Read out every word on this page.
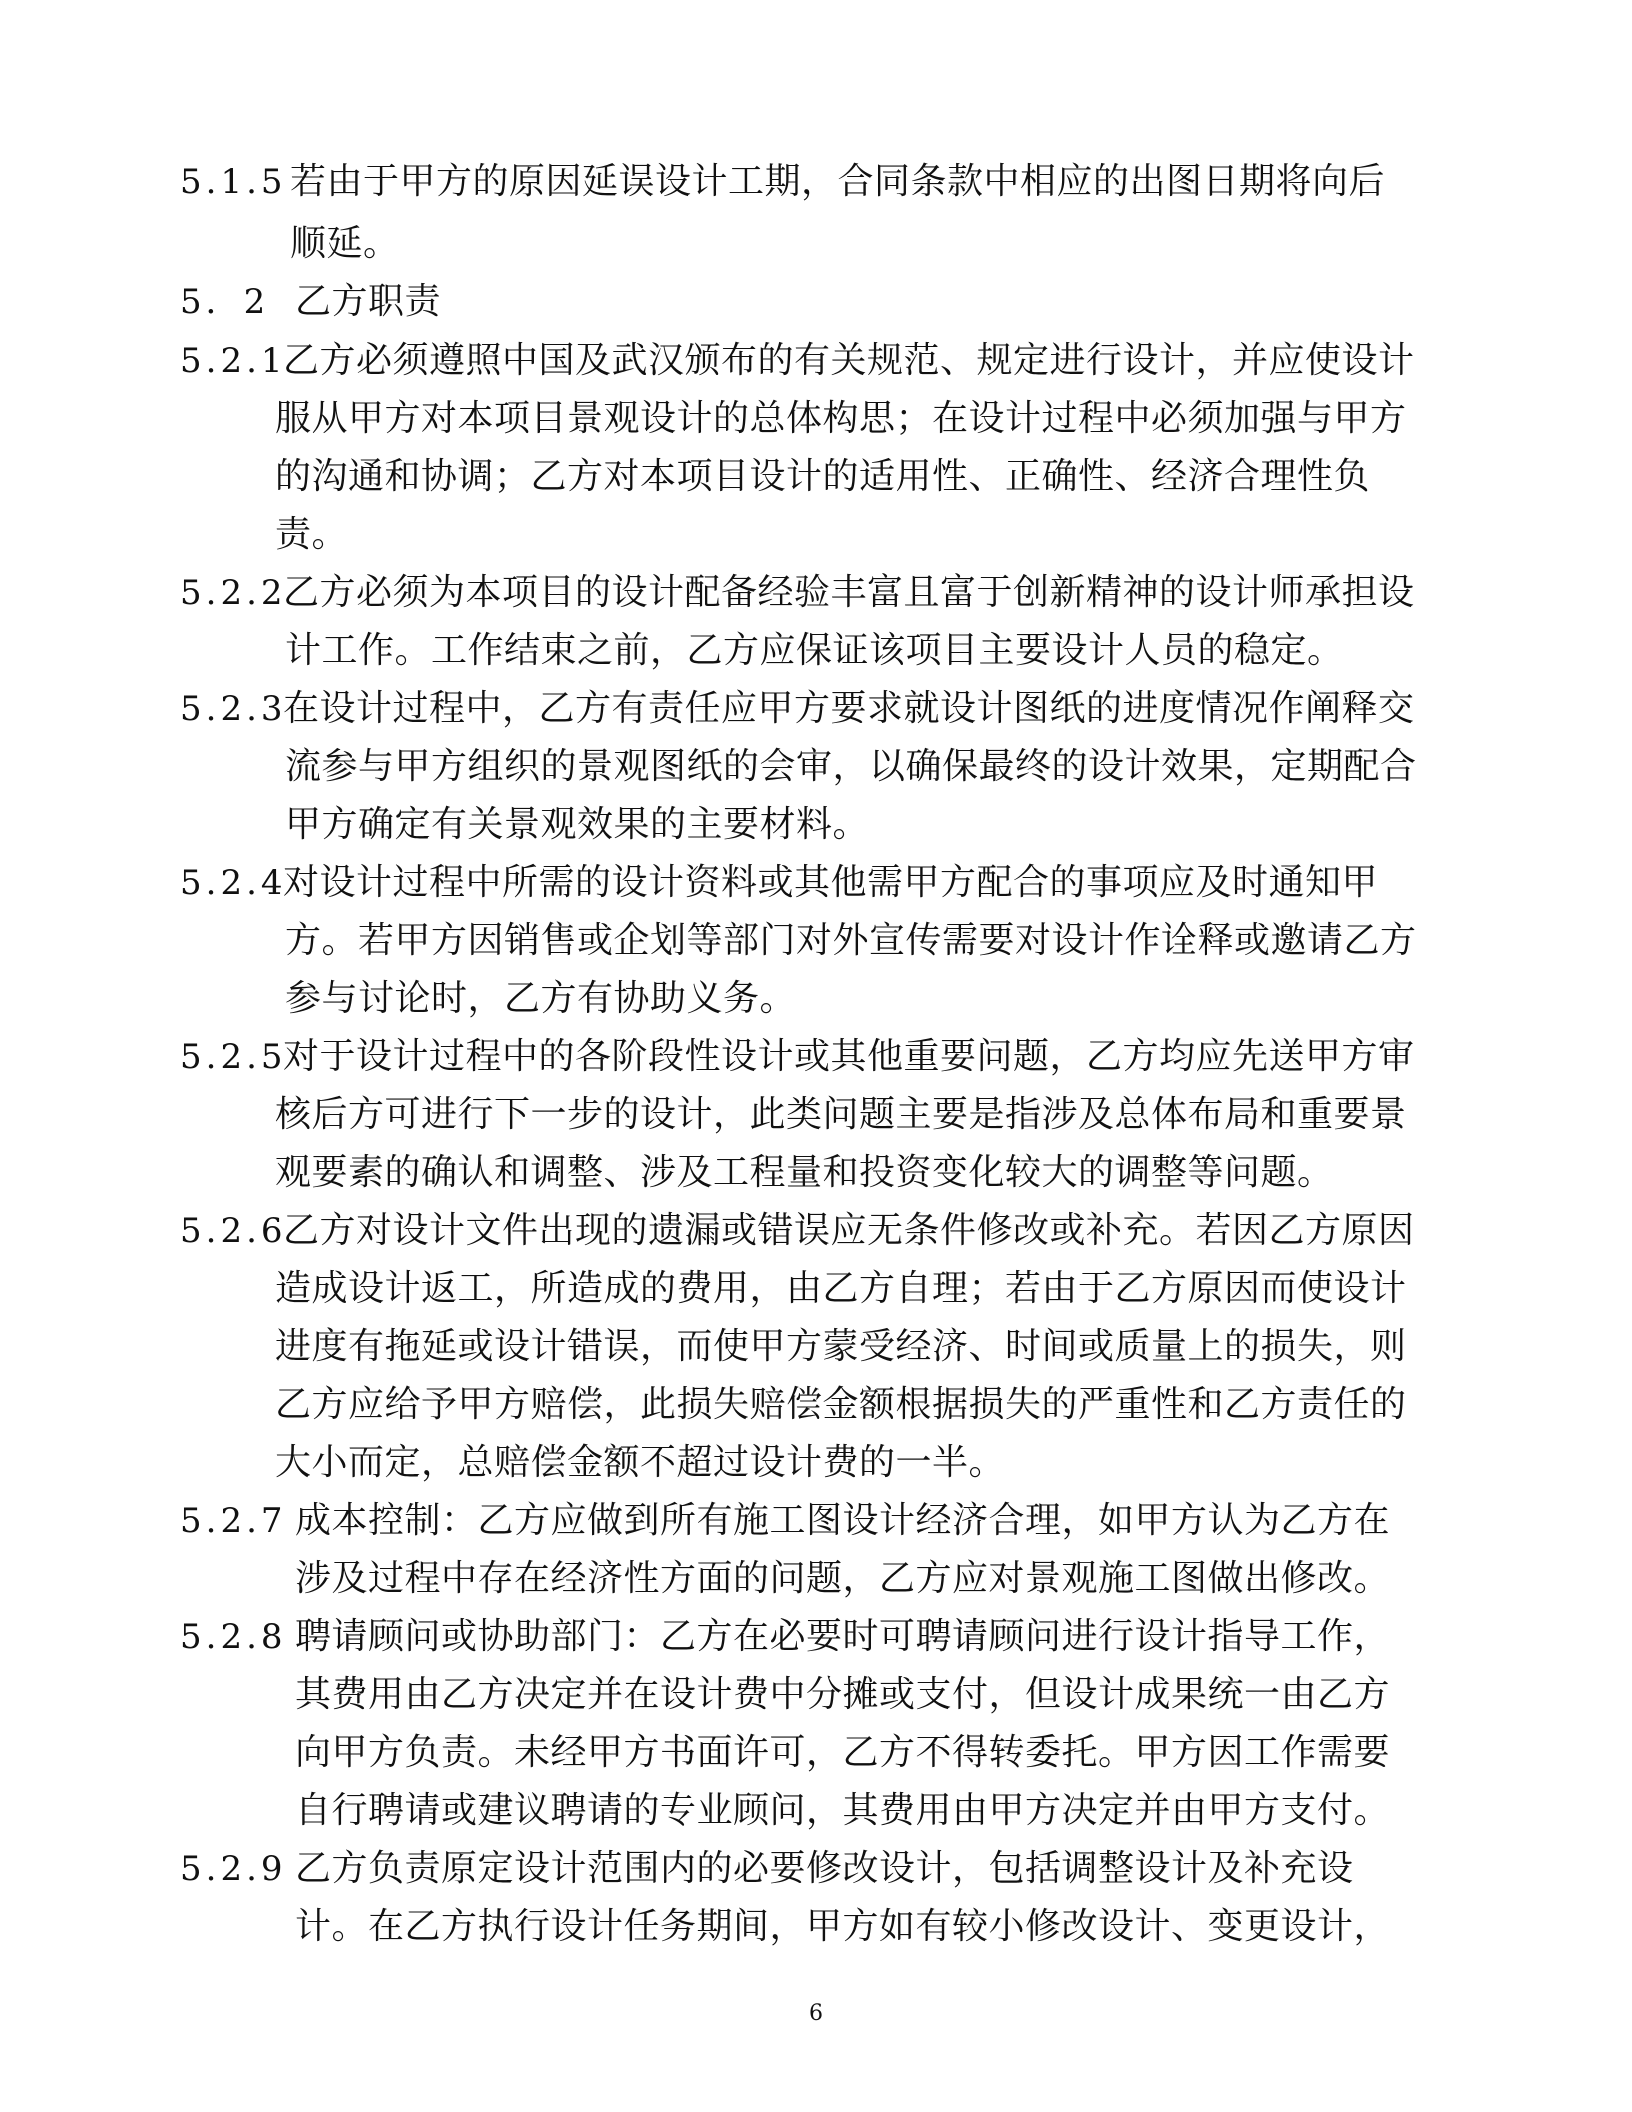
5.1.5 若由于甲方的原因延误设计工期，合同条款中相应的出图日期将向后
顺延。
5．2 乙方职责
5.2.1
乙方必须遵照中国及武汉颁布的有关规范、规定进行设计，并应使设计
服从甲方对本项目景观设计的总体构思；在设计过程中必须加强与甲方
的沟通和协调；乙方对本项目设计的适用性、正确性、经济合理性负
责。
5.2.2
乙方必须为本项目的设计配备经验丰富且富于创新精神的设计师承担设
计工作。工作结束之前，乙方应保证该项目主要设计人员的稳定。
5.2.3
在设计过程中，乙方有责任应甲方要求就设计图纸的进度情况作阐释交
流参与甲方组织的景观图纸的会审，以确保最终的设计效果，定期配合
甲方确定有关景观效果的主要材料。
5.2.4
对设计过程中所需的设计资料或其他需甲方配合的事项应及时通知甲
方。若甲方因销售或企划等部门对外宣传需要对设计作诠释或邀请乙方
参与讨论时，乙方有协助义务。
5.2.5
对于设计过程中的各阶段性设计或其他重要问题，乙方均应先送甲方审
核后方可进行下一步的设计，此类问题主要是指涉及总体布局和重要景
观要素的确认和调整、涉及工程量和投资变化较大的调整等问题。
5.2.6
乙方对设计文件出现的遗漏或错误应无条件修改或补充。若因乙方原因
造成设计返工，所造成的费用，由乙方自理；若由于乙方原因而使设计
进度有拖延或设计错误，而使甲方蒙受经济、时间或质量上的损失，则
乙方应给予甲方赔偿，此损失赔偿金额根据损失的严重性和乙方责任的
大小而定，总赔偿金额不超过设计费的一半。
5.2.7 成本控制：乙方应做到所有施工图设计经济合理，如甲方认为乙方在
涉及过程中存在经济性方面的问题，乙方应对景观施工图做出修改。
5.2.8 聘请顾问或协助部门：乙方在必要时可聘请顾问进行设计指导工作，
其费用由乙方决定并在设计费中分摊或支付，但设计成果统一由乙方
向甲方负责。未经甲方书面许可，乙方不得转委托。甲方因工作需要
自行聘请或建议聘请的专业顾问，其费用由甲方决定并由甲方支付。
5.2.9 乙方负责原定设计范围内的必要修改设计，包括调整设计及补充设
计。在乙方执行设计任务期间，甲方如有较小修改设计、变更设计，
6
